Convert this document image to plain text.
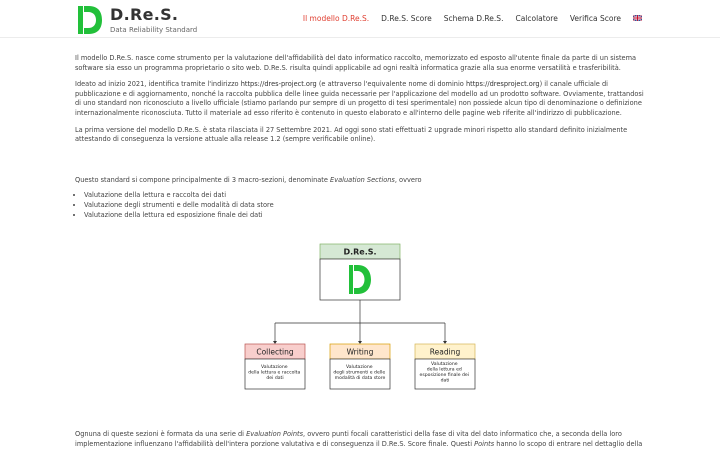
D.Re.S.
Data Reliability Standard
Il modello D.Re.S. D.Re.S. Score Schema D.Re.S. Calcolatore Verifica Score

Il modello D.Re.S. nasce come strumento per la valutazione dell'affidabilità del dato informatico raccolto, memorizzato ed esposto all'utente finale da parte di un sistema software sia esso un programma proprietario o sito web. D.Re.S. risulta quindi applicabile ad ogni realtà informatica grazie alla sua enorme versatilità e trasferibilità.

Ideato ad inizio 2021, identifica tramite l'indirizzo https://dres-project.org (e attraverso l'equivalente nome di dominio https://dresproject.org) il canale ufficiale di pubblicazione e di aggiornamento, nonché la raccolta pubblica delle linee guida necessarie per l'applicazione del modello ad un prodotto software. Ovviamente, trattandosi di uno standard non riconosciuto a livello ufficiale (stiamo parlando pur sempre di un progetto di tesi sperimentale) non possiede alcun tipo di denominazione o definizione internazionalmente riconosciuta. Tutto il materiale ad esso riferito è contenuto in questo elaborato e all'interno delle pagine web riferite all'indirizzo di pubblicazione.

La prima versione del modello D.Re.S. è stata rilasciata il 27 Settembre 2021. Ad oggi sono stati effettuati 2 upgrade minori rispetto allo standard definito inizialmente attestando di conseguenza la versione attuale alla release 1.2 (sempre verificabile online).

Questo standard si compone principalmente di 3 macro-sezioni, denominate Evaluation Sections, ovvero

• Valutazione della lettura e raccolta dei dati
• Valutazione degli strumenti e delle modalità di data store
• Valutazione della lettura ed esposizione finale dei dati
D.Re.S.
Collecting
Valutazione della lettura e raccolta dei dati
Writing
Valutazione degli strumenti e delle modalità di data store
Reading
Valutazione della lettura ed esposizione finale dei dati
Ognuna di queste sezioni è formata da una serie di Evaluation Points, ovvero punti focali caratteristici della fase di vita del dato informatico che, a seconda della loro implementazione influenzano l'affidabilità dell'intera porzione valutativa e di conseguenza il D.Re.S. Score finale. Questi Points hanno lo scopo di entrare nel dettaglio della
